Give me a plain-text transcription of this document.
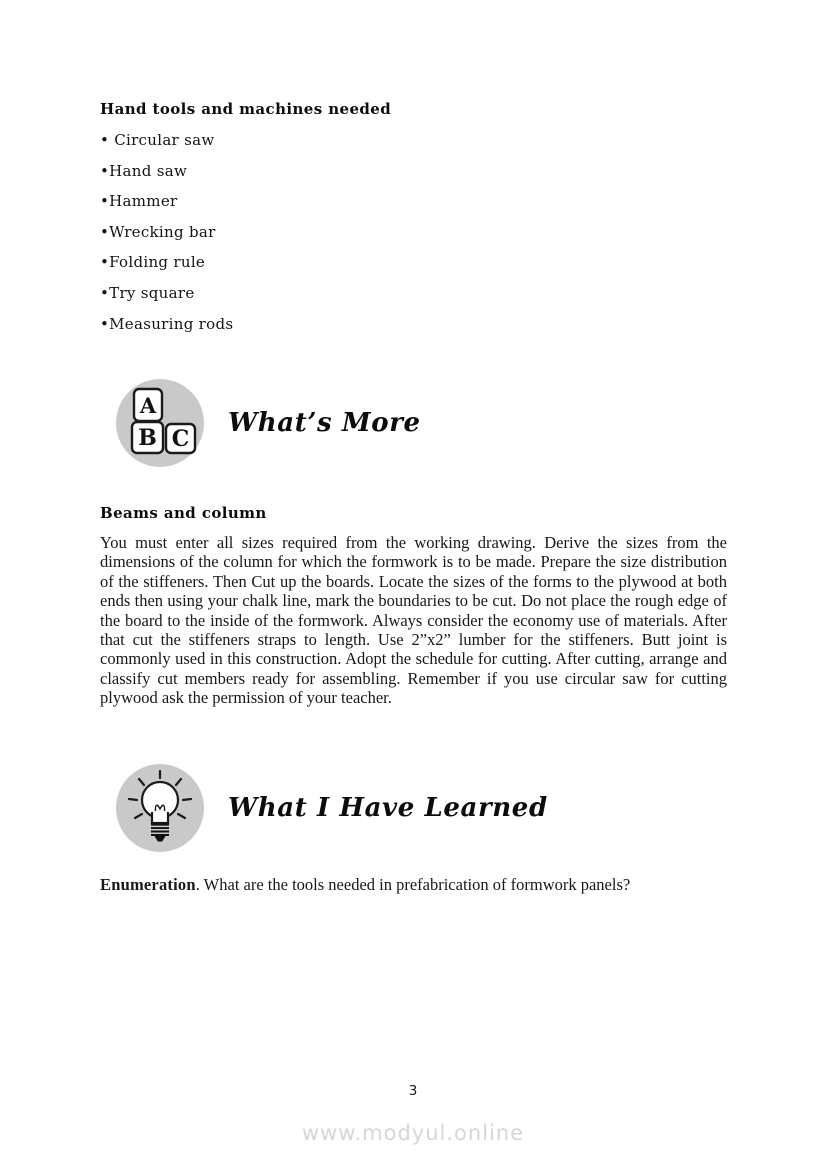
Hand tools and machines needed
• Circular saw
•Hand saw
•Hammer
•Wrecking bar
•Folding rule
•Try square
•Measuring rods
A
B C
What’s More
Beams and column
You must enter all sizes required from the working drawing. Derive the sizes from the dimensions of the column for which the formwork is to be made. Prepare the size distribution of the stiffeners. Then Cut up the boards. Locate the sizes of the forms to the plywood at both ends then using your chalk line, mark the boundaries to be cut. Do not place the rough edge of the board to the inside of the formwork. Always consider the economy use of materials. After that cut the stiffeners straps to length. Use 2”x2” lumber for the stiffeners. Butt joint is commonly used in this construction. Adopt the schedule for cutting. After cutting, arrange and classify cut members ready for assembling. Remember if you use circular saw for cutting plywood ask the permission of your teacher.
What I Have Learned
Enumeration. What are the tools needed in prefabrication of formwork panels?
3
www.modyul.online
